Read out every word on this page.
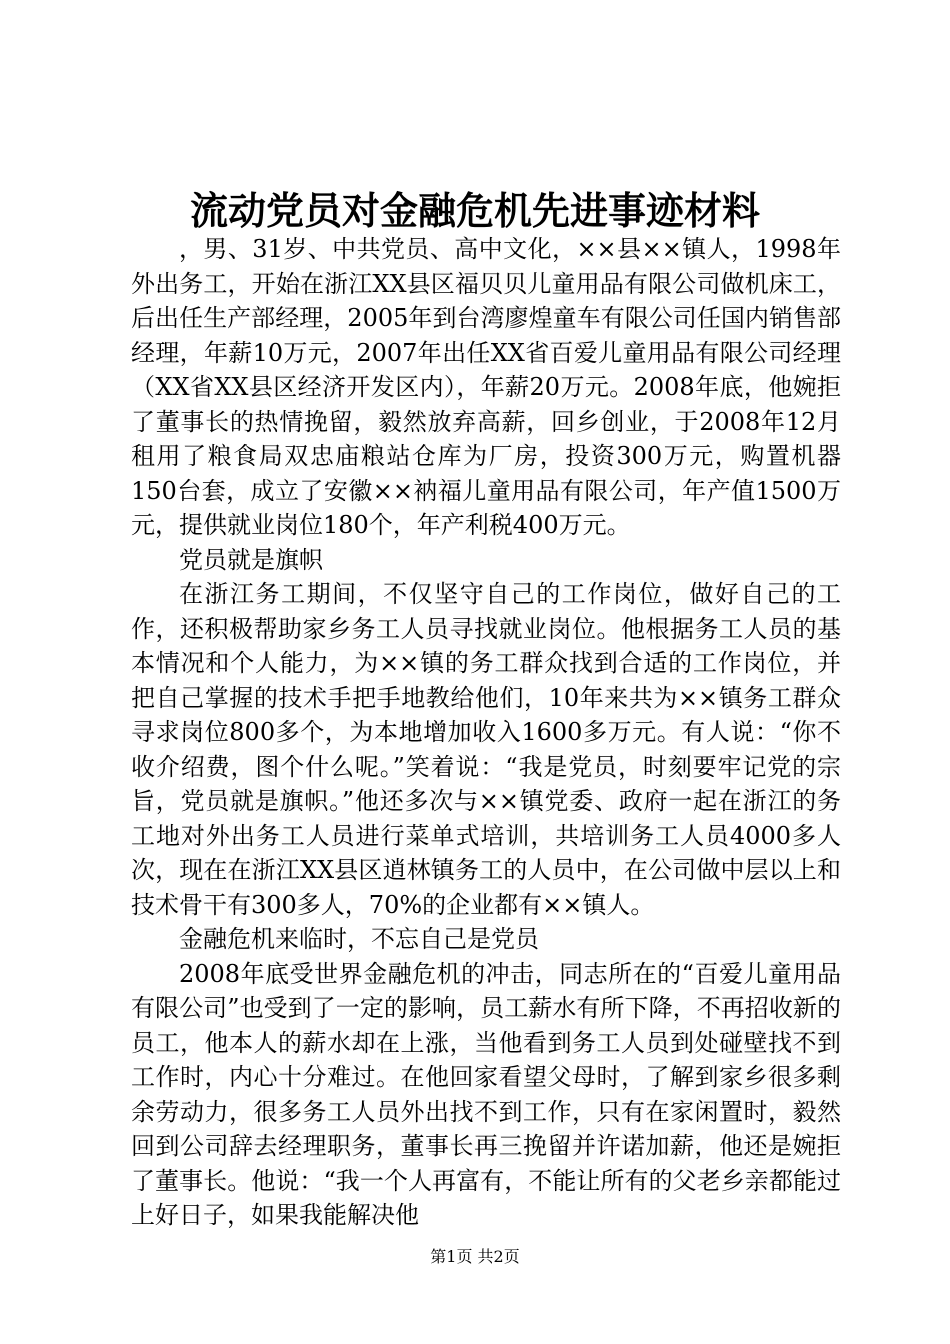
流动党员对金融危机先进事迹材料

，男、31岁、中共党员、高中文化，××县××镇人，1998年外出务工，开始在浙江XX县区福贝贝儿童用品有限公司做机床工，后出任生产部经理，2005年到台湾廖煌童车有限公司任国内销售部经理，年薪10万元，2007年出任XX省百爱儿童用品有限公司经理（XX省XX县区经济开发区内），年薪20万元。2008年底，他婉拒了董事长的热情挽留，毅然放弃高薪，回乡创业，于2008年12月租用了粮食局双忠庙粮站仓库为厂房，投资300万元，购置机器150台套，成立了安徽××衲福儿童用品有限公司，年产值1500万元，提供就业岗位180个，年产利税400万元。

党员就是旗帜

在浙江务工期间，不仅坚守自己的工作岗位，做好自己的工作，还积极帮助家乡务工人员寻找就业岗位。他根据务工人员的基本情况和个人能力，为××镇的务工群众找到合适的工作岗位，并把自己掌握的技术手把手地教给他们，10年来共为××镇务工群众寻求岗位800多个，为本地增加收入1600多万元。有人说：“你不收介绍费，图个什么呢。”笑着说：“我是党员，时刻要牢记党的宗旨，党员就是旗帜。”他还多次与××镇党委、政府一起在浙江的务工地对外出务工人员进行菜单式培训，共培训务工人员4000多人次，现在在浙江XX县区逍林镇务工的人员中，在公司做中层以上和技术骨干有300多人，70%的企业都有××镇人。

金融危机来临时，不忘自己是党员

2008年底受世界金融危机的冲击，同志所在的“百爱儿童用品有限公司”也受到了一定的影响，员工薪水有所下降，不再招收新的员工，他本人的薪水却在上涨，当他看到务工人员到处碰壁找不到工作时，内心十分难过。在他回家看望父母时，了解到家乡很多剩余劳动力，很多务工人员外出找不到工作，只有在家闲置时，毅然回到公司辞去经理职务，董事长再三挽留并许诺加薪，他还是婉拒了董事长。他说：“我一个人再富有，不能让所有的父老乡亲都能过上好日子，如果我能解决他

第1页 共2页
